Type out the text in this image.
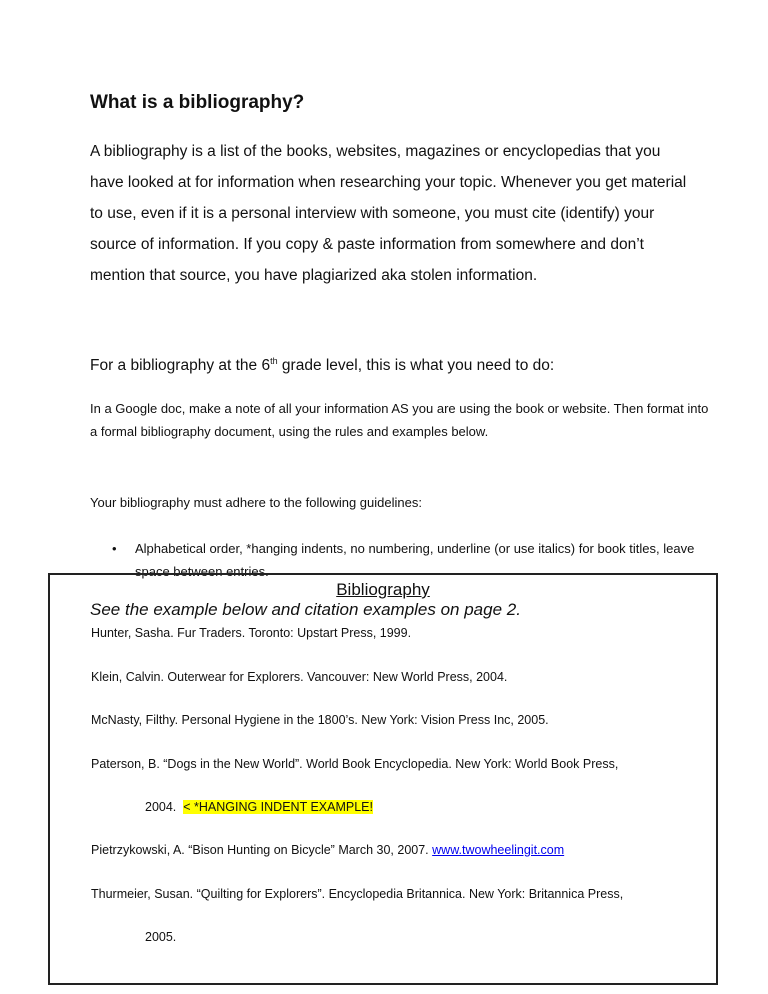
What is a bibliography?
A bibliography is a list of the books, websites, magazines or encyclopedias that you have looked at for information when researching your topic. Whenever you get material to use, even if it is a personal interview with someone, you must cite (identify) your source of information. If you copy & paste information from somewhere and don’t mention that source, you have plagiarized aka stolen information.
For a bibliography at the 6th grade level, this is what you need to do:
In a Google doc, make a note of all your information AS you are using the book or website. Then format into a formal bibliography document, using the rules and examples below.
Your bibliography must adhere to the following guidelines:
• Alphabetical order, *hanging indents, no numbering, underline (or use italics) for book titles, leave space between entries.
See the example below and citation examples on page 2.
Bibliography
Hunter, Sasha. Fur Traders. Toronto: Upstart Press, 1999.
Klein, Calvin. Outerwear for Explorers. Vancouver: New World Press, 2004.
McNasty, Filthy. Personal Hygiene in the 1800’s. New York: Vision Press Inc, 2005.
Paterson, B. “Dogs in the New World”. World Book Encyclopedia. New York: World Book Press,
2004. < *HANGING INDENT EXAMPLE!
Pietrzykowski, A. “Bison Hunting on Bicycle” March 30, 2007. www.twowheelingit.com
Thurmeier, Susan. “Quilting for Explorers”. Encyclopedia Britannica. New York: Britannica Press,
2005.
